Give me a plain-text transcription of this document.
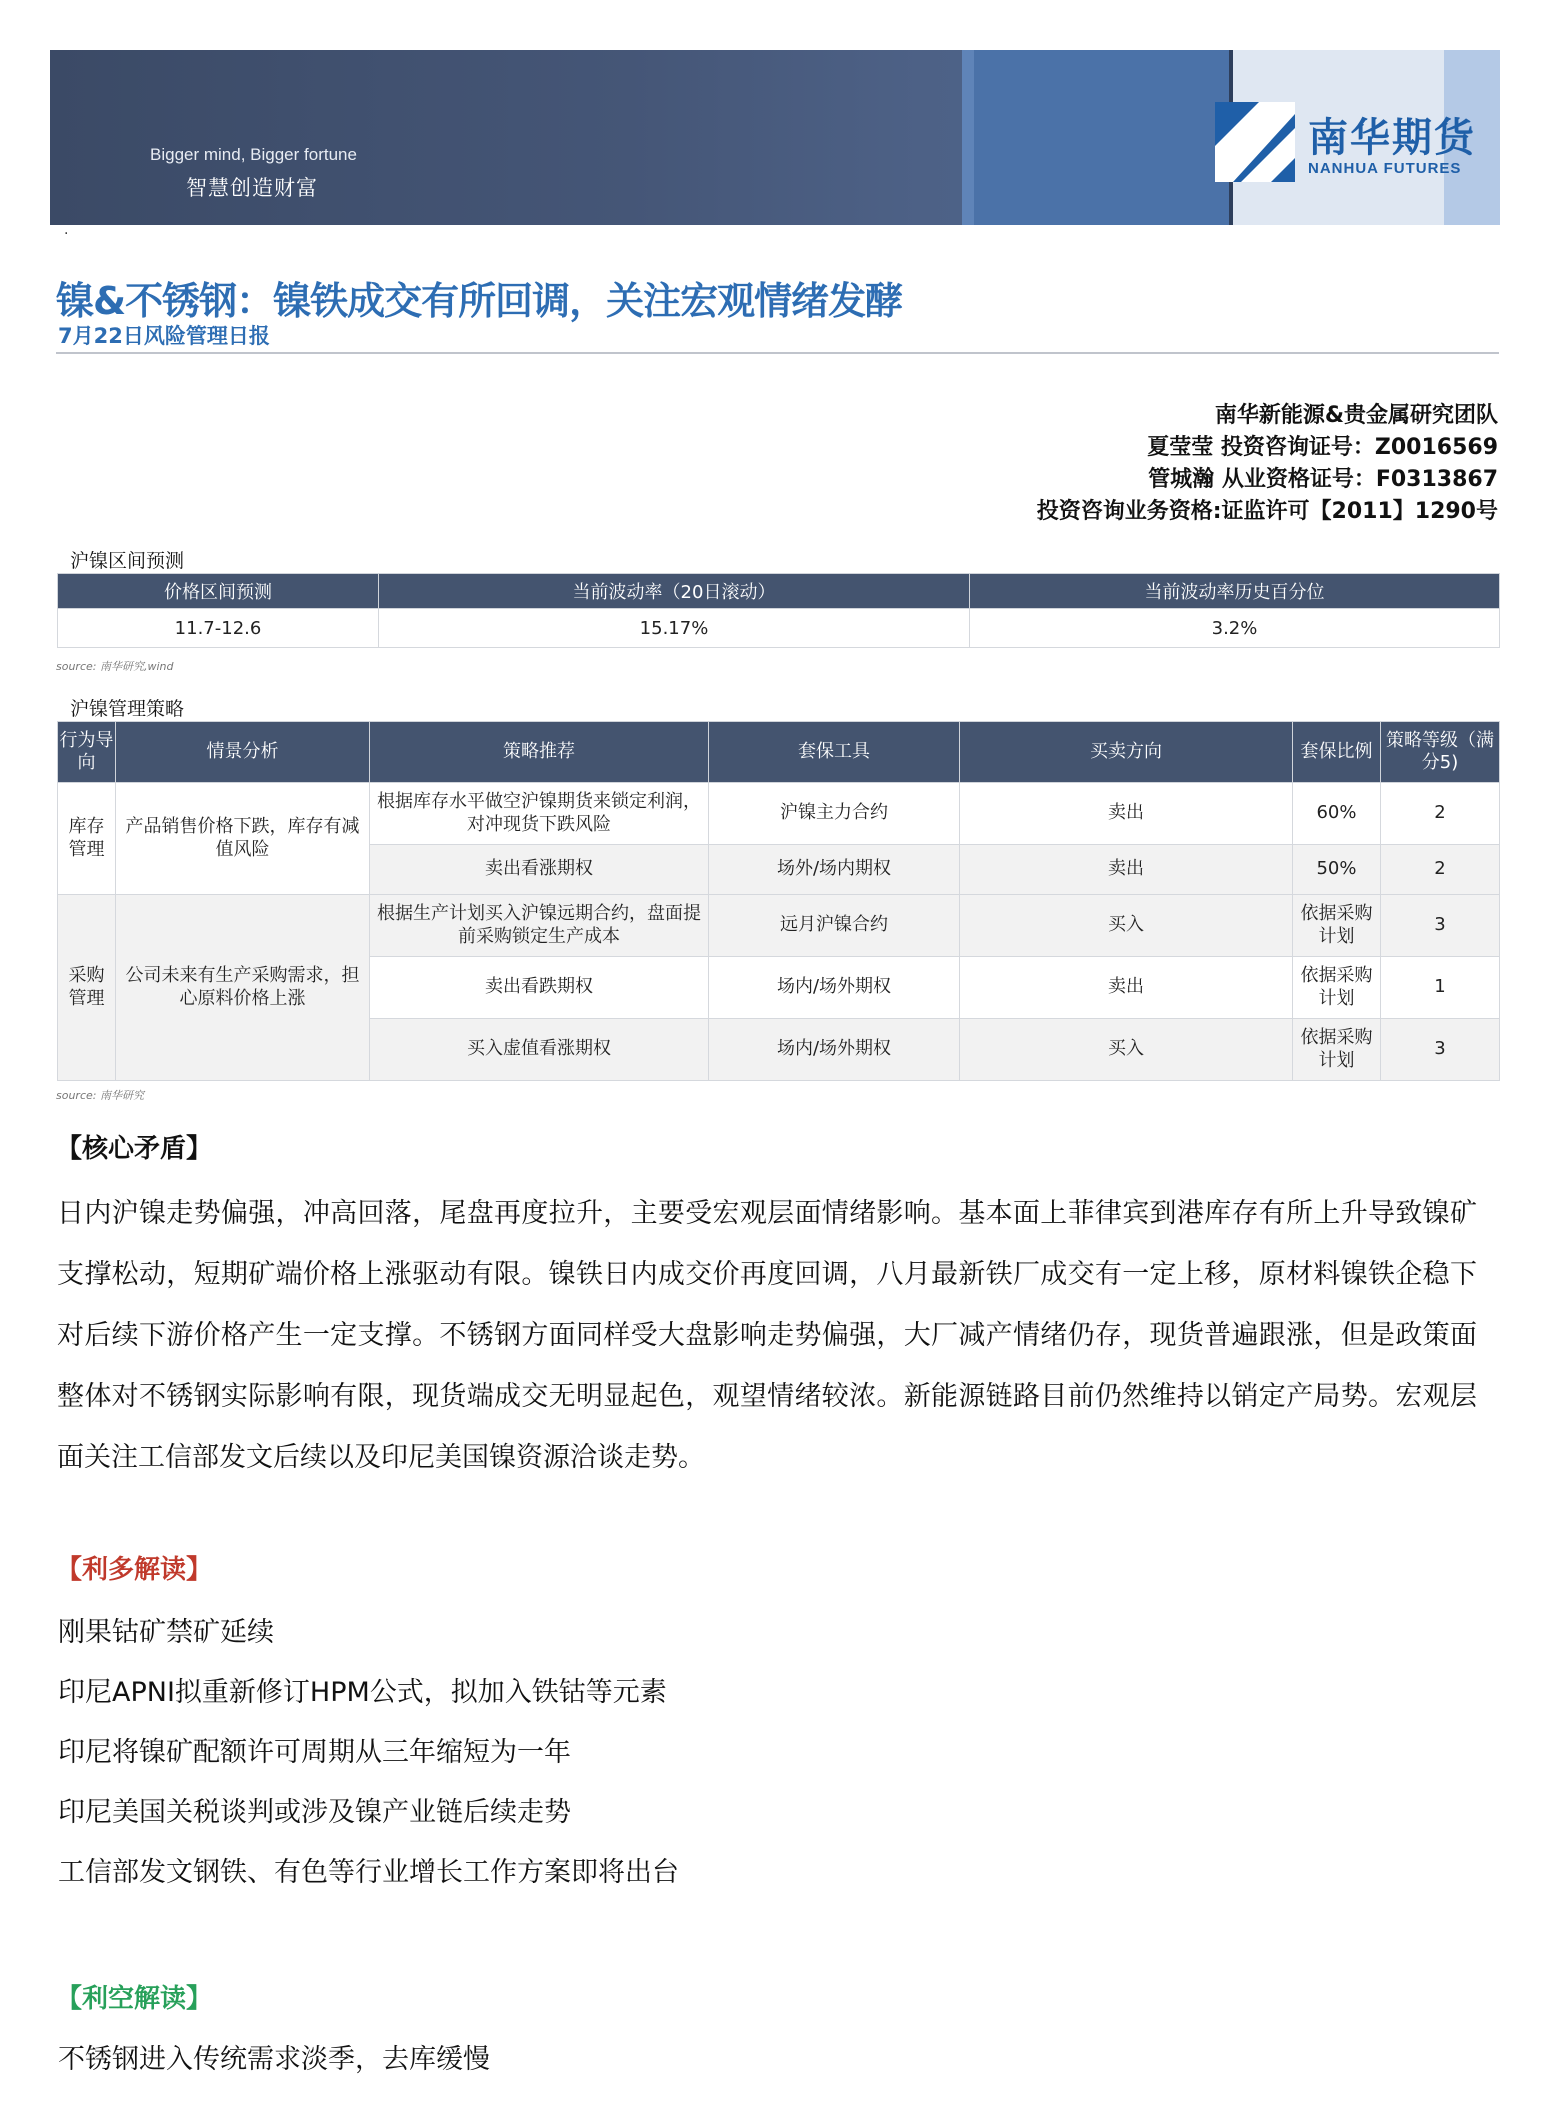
Bigger mind, Bigger fortune
智慧创造财富
南华期货
NANHUA FUTURES
·
镍&不锈钢：镍铁成交有所回调，关注宏观情绪发酵
7月22日风险管理日报
南华新能源&贵金属研究团队
夏莹莹 投资咨询证号：Z0016569
管城瀚 从业资格证号：F0313867
投资咨询业务资格:证监许可【2011】1290号
沪镍区间预测
价格区间预测	当前波动率（20日滚动）	当前波动率历史百分位
11.7-12.6	15.17%	3.2%
source: 南华研究,wind
沪镍管理策略
行为导向	情景分析	策略推荐	套保工具	买卖方向	套保比例	策略等级（满分5)
库存管理	产品销售价格下跌，库存有减值风险	根据库存水平做空沪镍期货来锁定利润，对冲现货下跌风险	沪镍主力合约	卖出	60%	2
		卖出看涨期权	场外/场内期权	卖出	50%	2
采购管理	公司未来有生产采购需求，担心原料价格上涨	根据生产计划买入沪镍远期合约，盘面提前采购锁定生产成本	远月沪镍合约	买入	依据采购计划	3
		卖出看跌期权	场内/场外期权	卖出	依据采购计划	1
		买入虚值看涨期权	场内/场外期权	买入	依据采购计划	3
source: 南华研究
【核心矛盾】
日内沪镍走势偏强，冲高回落，尾盘再度拉升，主要受宏观层面情绪影响。基本面上菲律宾到港库存有所上升导致镍矿支撑松动，短期矿端价格上涨驱动有限。镍铁日内成交价再度回调，八月最新铁厂成交有一定上移，原材料镍铁企稳下对后续下游价格产生一定支撑。不锈钢方面同样受大盘影响走势偏强，大厂减产情绪仍存，现货普遍跟涨，但是政策面整体对不锈钢实际影响有限，现货端成交无明显起色，观望情绪较浓。新能源链路目前仍然维持以销定产局势。宏观层面关注工信部发文后续以及印尼美国镍资源洽谈走势。
【利多解读】
刚果钴矿禁矿延续
印尼APNI拟重新修订HPM公式，拟加入铁钴等元素
印尼将镍矿配额许可周期从三年缩短为一年
印尼美国关税谈判或涉及镍产业链后续走势
工信部发文钢铁、有色等行业增长工作方案即将出台
【利空解读】
不锈钢进入传统需求淡季，去库缓慢
